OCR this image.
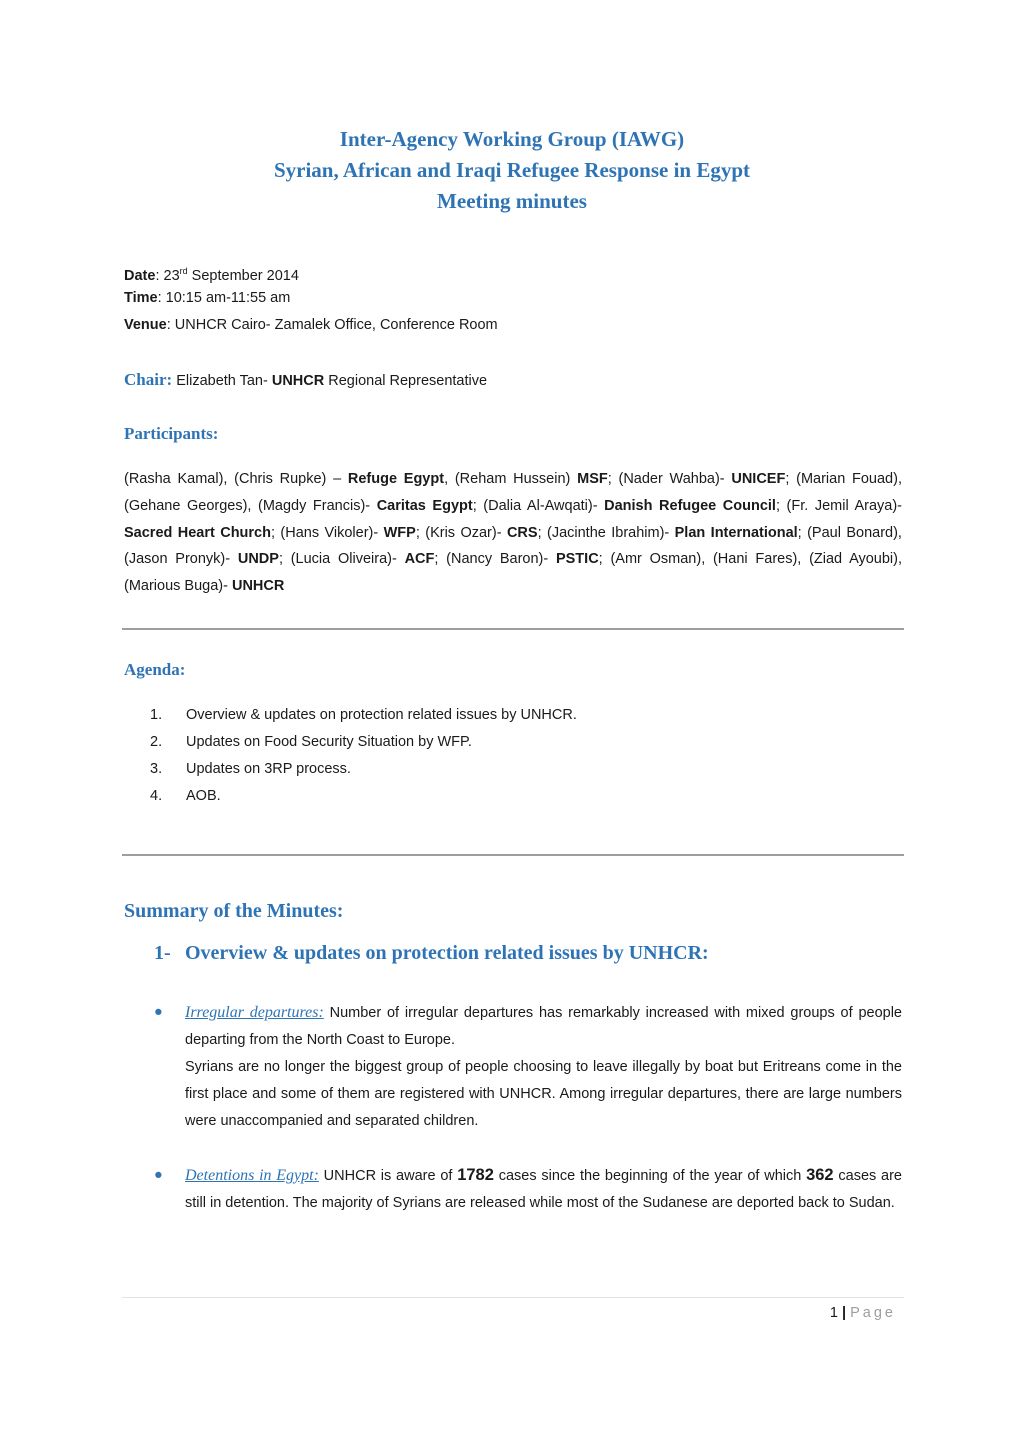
Inter-Agency Working Group (IAWG)
Syrian, African and Iraqi Refugee Response in Egypt
Meeting minutes
Date: 23rd September 2014
Time: 10:15 am-11:55 am
Venue: UNHCR Cairo- Zamalek Office, Conference Room
Chair: Elizabeth Tan- UNHCR Regional Representative
Participants:
(Rasha Kamal), (Chris Rupke) – Refuge Egypt, (Reham Hussein) MSF; (Nader Wahba)- UNICEF; (Marian Fouad), (Gehane Georges), (Magdy Francis)- Caritas Egypt; (Dalia Al-Awqati)- Danish Refugee Council; (Fr. Jemil Araya)- Sacred Heart Church; (Hans Vikoler)- WFP; (Kris Ozar)- CRS; (Jacinthe Ibrahim)- Plan International; (Paul Bonard), (Jason Pronyk)- UNDP; (Lucia Oliveira)- ACF; (Nancy Baron)- PSTIC; (Amr Osman), (Hani Fares), (Ziad Ayoubi), (Marious Buga)- UNHCR
Agenda:
1. Overview & updates on protection related issues by UNHCR.
2. Updates on Food Security Situation by WFP.
3. Updates on 3RP process.
4. AOB.
Summary of the Minutes:
1- Overview & updates on protection related issues by UNHCR:
● Irregular departures: Number of irregular departures has remarkably increased with mixed groups of people departing from the North Coast to Europe.
Syrians are no longer the biggest group of people choosing to leave illegally by boat but Eritreans come in the first place and some of them are registered with UNHCR. Among irregular departures, there are large numbers were unaccompanied and separated children.
● Detentions in Egypt: UNHCR is aware of 1782 cases since the beginning of the year of which 362 cases are still in detention. The majority of Syrians are released while most of the Sudanese are deported back to Sudan.
1 | Page
